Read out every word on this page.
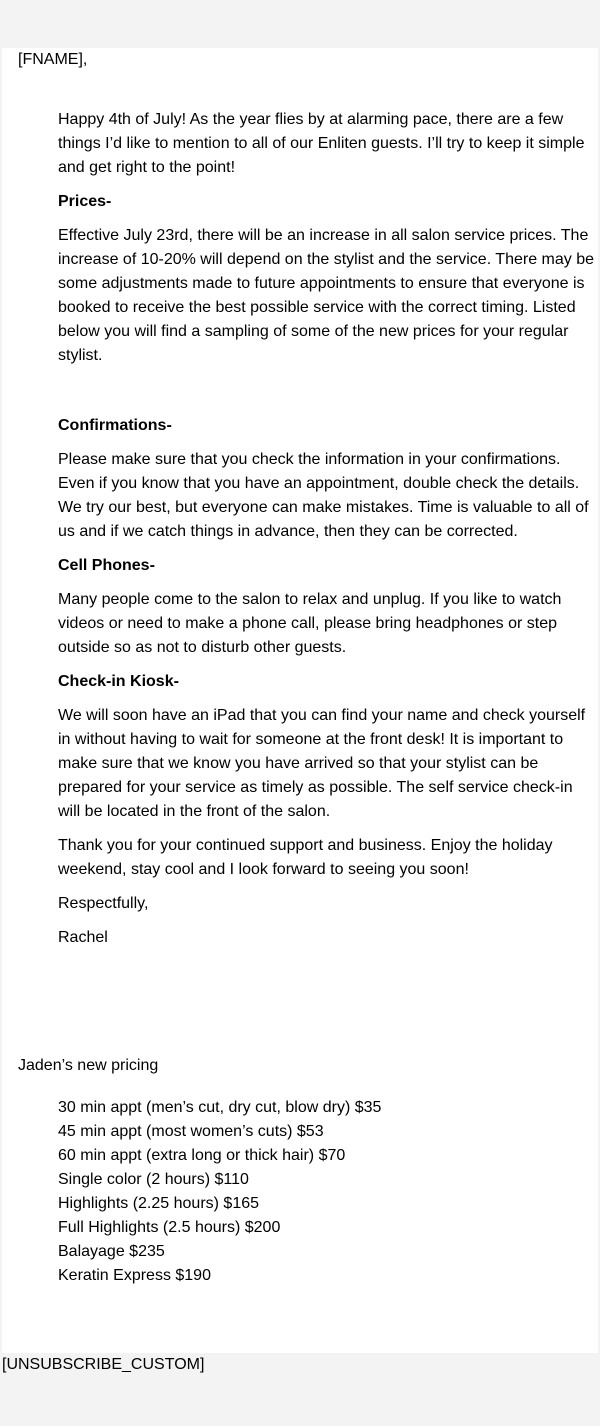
[FNAME],

Happy 4th of July! As the year flies by at alarming pace, there are a few things I’d like to mention to all of our Enliten guests. I’ll try to keep it simple and get right to the point!

Prices-

Effective July 23rd, there will be an increase in all salon service prices. The increase of 10-20% will depend on the stylist and the service. There may be some adjustments made to future appointments to ensure that everyone is booked to receive the best possible service with the correct timing. Listed below you will find a sampling of some of the new prices for your regular stylist.

Confirmations-

Please make sure that you check the information in your confirmations. Even if you know that you have an appointment, double check the details. We try our best, but everyone can make mistakes. Time is valuable to all of us and if we catch things in advance, then they can be corrected.

Cell Phones-

Many people come to the salon to relax and unplug. If you like to watch videos or need to make a phone call, please bring headphones or step outside so as not to disturb other guests.

Check-in Kiosk-

We will soon have an iPad that you can find your name and check yourself in without having to wait for someone at the front desk! It is important to make sure that we know you have arrived so that your stylist can be prepared for your service as timely as possible. The self service check-in will be located in the front of the salon.

Thank you for your continued support and business. Enjoy the holiday weekend, stay cool and I look forward to seeing you soon!

Respectfully,

Rachel

Jaden’s new pricing
30 min appt (men’s cut, dry cut, blow dry) $35
45 min appt (most women’s cuts) $53
60 min appt (extra long or thick hair) $70
Single color (2 hours) $110
Highlights (2.25 hours) $165
Full Highlights (2.5 hours) $200
Balayage $235
Keratin Express $190
[UNSUBSCRIBE_CUSTOM]
